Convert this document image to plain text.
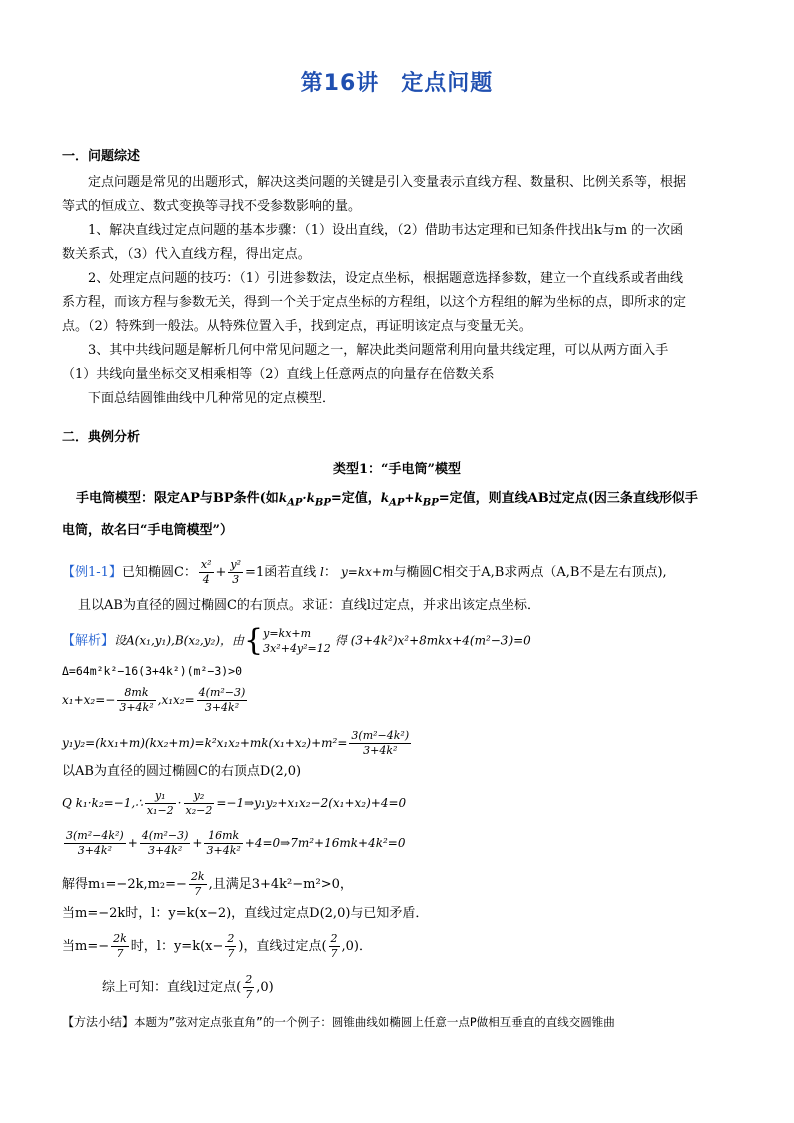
第16讲 定点问题
一．问题综述
定点问题是常见的出题形式，解决这类问题的关键是引入变量表示直线方程、数量积、比例关系等，根据
等式的恒成立、数式变换等寻找不受参数影响的量。
1、解决直线过定点问题的基本步骤：（1）设出直线，（2）借助韦达定理和已知条件找出k与m 的一次函
数关系式，（3）代入直线方程，得出定点。
2、处理定点问题的技巧：（1）引进参数法，设定点坐标，根据题意选择参数，建立一个直线系或者曲线
系方程，而该方程与参数无关，得到一个关于定点坐标的方程组，以这个方程组的解为坐标的点，即所求的定
点。（2）特殊到一般法。从特殊位置入手，找到定点，再证明该定点与变量无关。
3、其中共线问题是解析几何中常见问题之一，解决此类问题常利用向量共线定理，可以从两方面入手
（1）共线向量坐标交叉相乘相等（2）直线上任意两点的向量存在倍数关系
下面总结圆锥曲线中几种常见的定点模型．
二．典例分析
类型1：“手电筒”模型
手电筒模型：限定AP与BP条件(如$k_{AP}\cdot k_{BP}=$定值，$k_{AP}+k_{BP}=$定值，则直线AB过定点(因三条直线形似手
电筒，故名曰“手电筒模型”）
【例1-1】已知椭圆C： $\frac{\text{x²}}{4} + \frac{\text{y²}}{3} =1$函若直线 l： y=kx+m与椭圆C相交于A,B求两点（A,B不是左右顶点),
且以AB为直径的圆过椭圆C的右顶点。求证：直线l过定点，并求出该定点坐标．
【解析】设A(x₁,y₁),B(x₂,y₂)，由{y=kx+m
3x²+4y²=12 得 (3+4k²)x²+8mkx+4(m²−3)=0
Δ=64m²k²−16(3+4k²)(m²−3)>0
$x_1+x_2=- \frac{8mk}{\text{3+4k²}} ,x_1x_2= \frac{\text{4(m²−3)}}{\text{3+4k²}}$
$y_1y_2=(kx_1+m)(kx_2+m)=k^2x_1x_2+mk(x_1+x_2)+m^2= \frac{\text{3(m²−4k²)}}{\text{3+4k²}}$
以AB为直径的圆过椭圆C的右顶点D(2,0)
Q k₁·k₂=−1,∴ $\frac{\text{y₁}}{\text{x₁−2}} \cdot \frac{\text{y₂}}{\text{x₂−2}}$ =−1⇒y₁y₂+x₁x₂−2(x₁+x₂)+4=0
$\frac{\text{3(m²−4k²)}}{\text{3+4k²}} + \frac{\text{4(m²−3)}}{\text{3+4k²}} + \frac{16mk}{\text{3+4k²}}$ +4=0⇒7m²+16mk+4k²=0
解得$m_1=-2k,m_2=- \frac{2k}{7}$ ,且满足3+4k²−m²>0，
当m=−2k时，l：y=k(x−2)，直线过定点D(2,0)与已知矛盾．
当$m=- \frac{2k}{7}$ 时，l：$y=k(x- \frac{2}{7}$ )，直线过定点( $\frac{2}{7} ,0$)．
综上可知：直线l过定点( $\frac{2}{7} ,0$)
【方法小结】本题为”弦对定点张直角”的一个例子：圆锥曲线如椭圆上任意一点P做相互垂直的直线交圆锥曲
